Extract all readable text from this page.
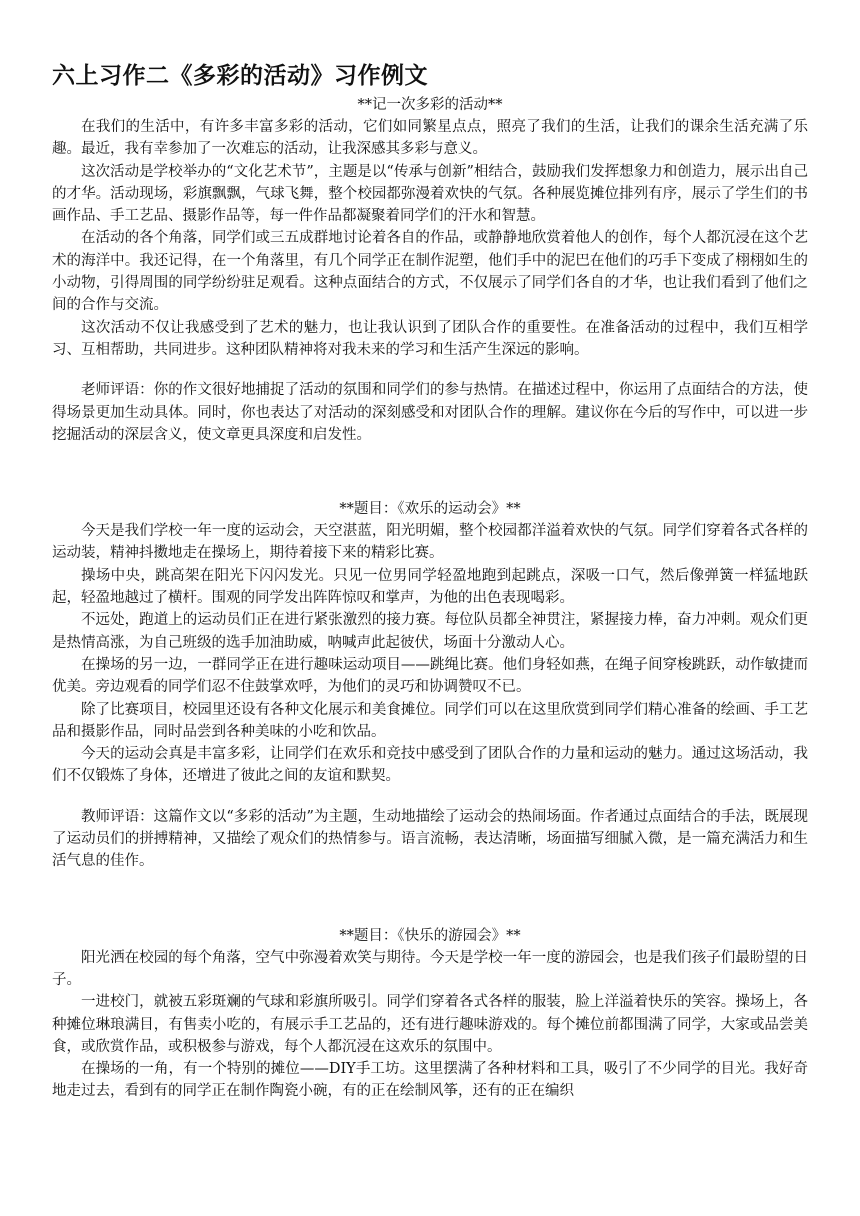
六上习作二《多彩的活动》习作例文

**记一次多彩的活动**

在我们的生活中，有许多丰富多彩的活动，它们如同繁星点点，照亮了我们的生活，让我们的课余生活充满了乐趣。最近，我有幸参加了一次难忘的活动，让我深感其多彩与意义。

这次活动是学校举办的“文化艺术节”，主题是以“传承与创新”相结合，鼓励我们发挥想象力和创造力，展示出自己的才华。活动现场，彩旗飘飘，气球飞舞，整个校园都弥漫着欢快的气氛。各种展览摊位排列有序，展示了学生们的书画作品、手工艺品、摄影作品等，每一件作品都凝聚着同学们的汗水和智慧。

在活动的各个角落，同学们或三五成群地讨论着各自的作品，或静静地欣赏着他人的创作，每个人都沉浸在这个艺术的海洋中。我还记得，在一个角落里，有几个同学正在制作泥塑，他们手中的泥巴在他们的巧手下变成了栩栩如生的小动物，引得周围的同学纷纷驻足观看。这种点面结合的方式，不仅展示了同学们各自的才华，也让我们看到了他们之间的合作与交流。

这次活动不仅让我感受到了艺术的魅力，也让我认识到了团队合作的重要性。在准备活动的过程中，我们互相学习、互相帮助，共同进步。这种团队精神将对我未来的学习和生活产生深远的影响。

老师评语：你的作文很好地捕捉了活动的氛围和同学们的参与热情。在描述过程中，你运用了点面结合的方法，使得场景更加生动具体。同时，你也表达了对活动的深刻感受和对团队合作的理解。建议你在今后的写作中，可以进一步挖掘活动的深层含义，使文章更具深度和启发性。

**题目：《欢乐的运动会》**

今天是我们学校一年一度的运动会，天空湛蓝，阳光明媚，整个校园都洋溢着欢快的气氛。同学们穿着各式各样的运动装，精神抖擞地走在操场上，期待着接下来的精彩比赛。

操场中央，跳高架在阳光下闪闪发光。只见一位男同学轻盈地跑到起跳点，深吸一口气，然后像弹簧一样猛地跃起，轻盈地越过了横杆。围观的同学发出阵阵惊叹和掌声，为他的出色表现喝彩。

不远处，跑道上的运动员们正在进行紧张激烈的接力赛。每位队员都全神贯注，紧握接力棒，奋力冲刺。观众们更是热情高涨，为自己班级的选手加油助威，呐喊声此起彼伏，场面十分激动人心。

在操场的另一边，一群同学正在进行趣味运动项目——跳绳比赛。他们身轻如燕，在绳子间穿梭跳跃，动作敏捷而优美。旁边观看的同学们忍不住鼓掌欢呼，为他们的灵巧和协调赞叹不已。

除了比赛项目，校园里还设有各种文化展示和美食摊位。同学们可以在这里欣赏到同学们精心准备的绘画、手工艺品和摄影作品，同时品尝到各种美味的小吃和饮品。

今天的运动会真是丰富多彩，让同学们在欢乐和竞技中感受到了团队合作的力量和运动的魅力。通过这场活动，我们不仅锻炼了身体，还增进了彼此之间的友谊和默契。

教师评语：这篇作文以“多彩的活动”为主题，生动地描绘了运动会的热闹场面。作者通过点面结合的手法，既展现了运动员们的拼搏精神，又描绘了观众们的热情参与。语言流畅，表达清晰，场面描写细腻入微，是一篇充满活力和生活气息的佳作。

**题目：《快乐的游园会》**

阳光洒在校园的每个角落，空气中弥漫着欢笑与期待。今天是学校一年一度的游园会，也是我们孩子们最盼望的日子。

一进校门，就被五彩斑斓的气球和彩旗所吸引。同学们穿着各式各样的服装，脸上洋溢着快乐的笑容。操场上，各种摊位琳琅满目，有售卖小吃的，有展示手工艺品的，还有进行趣味游戏的。每个摊位前都围满了同学，大家或品尝美食，或欣赏作品，或积极参与游戏，每个人都沉浸在这欢乐的氛围中。

在操场的一角，有一个特别的摊位——DIY手工坊。这里摆满了各种材料和工具，吸引了不少同学的目光。我好奇地走过去，看到有的同学正在制作陶瓷小碗，有的正在绘制风筝，还有的正在编织
